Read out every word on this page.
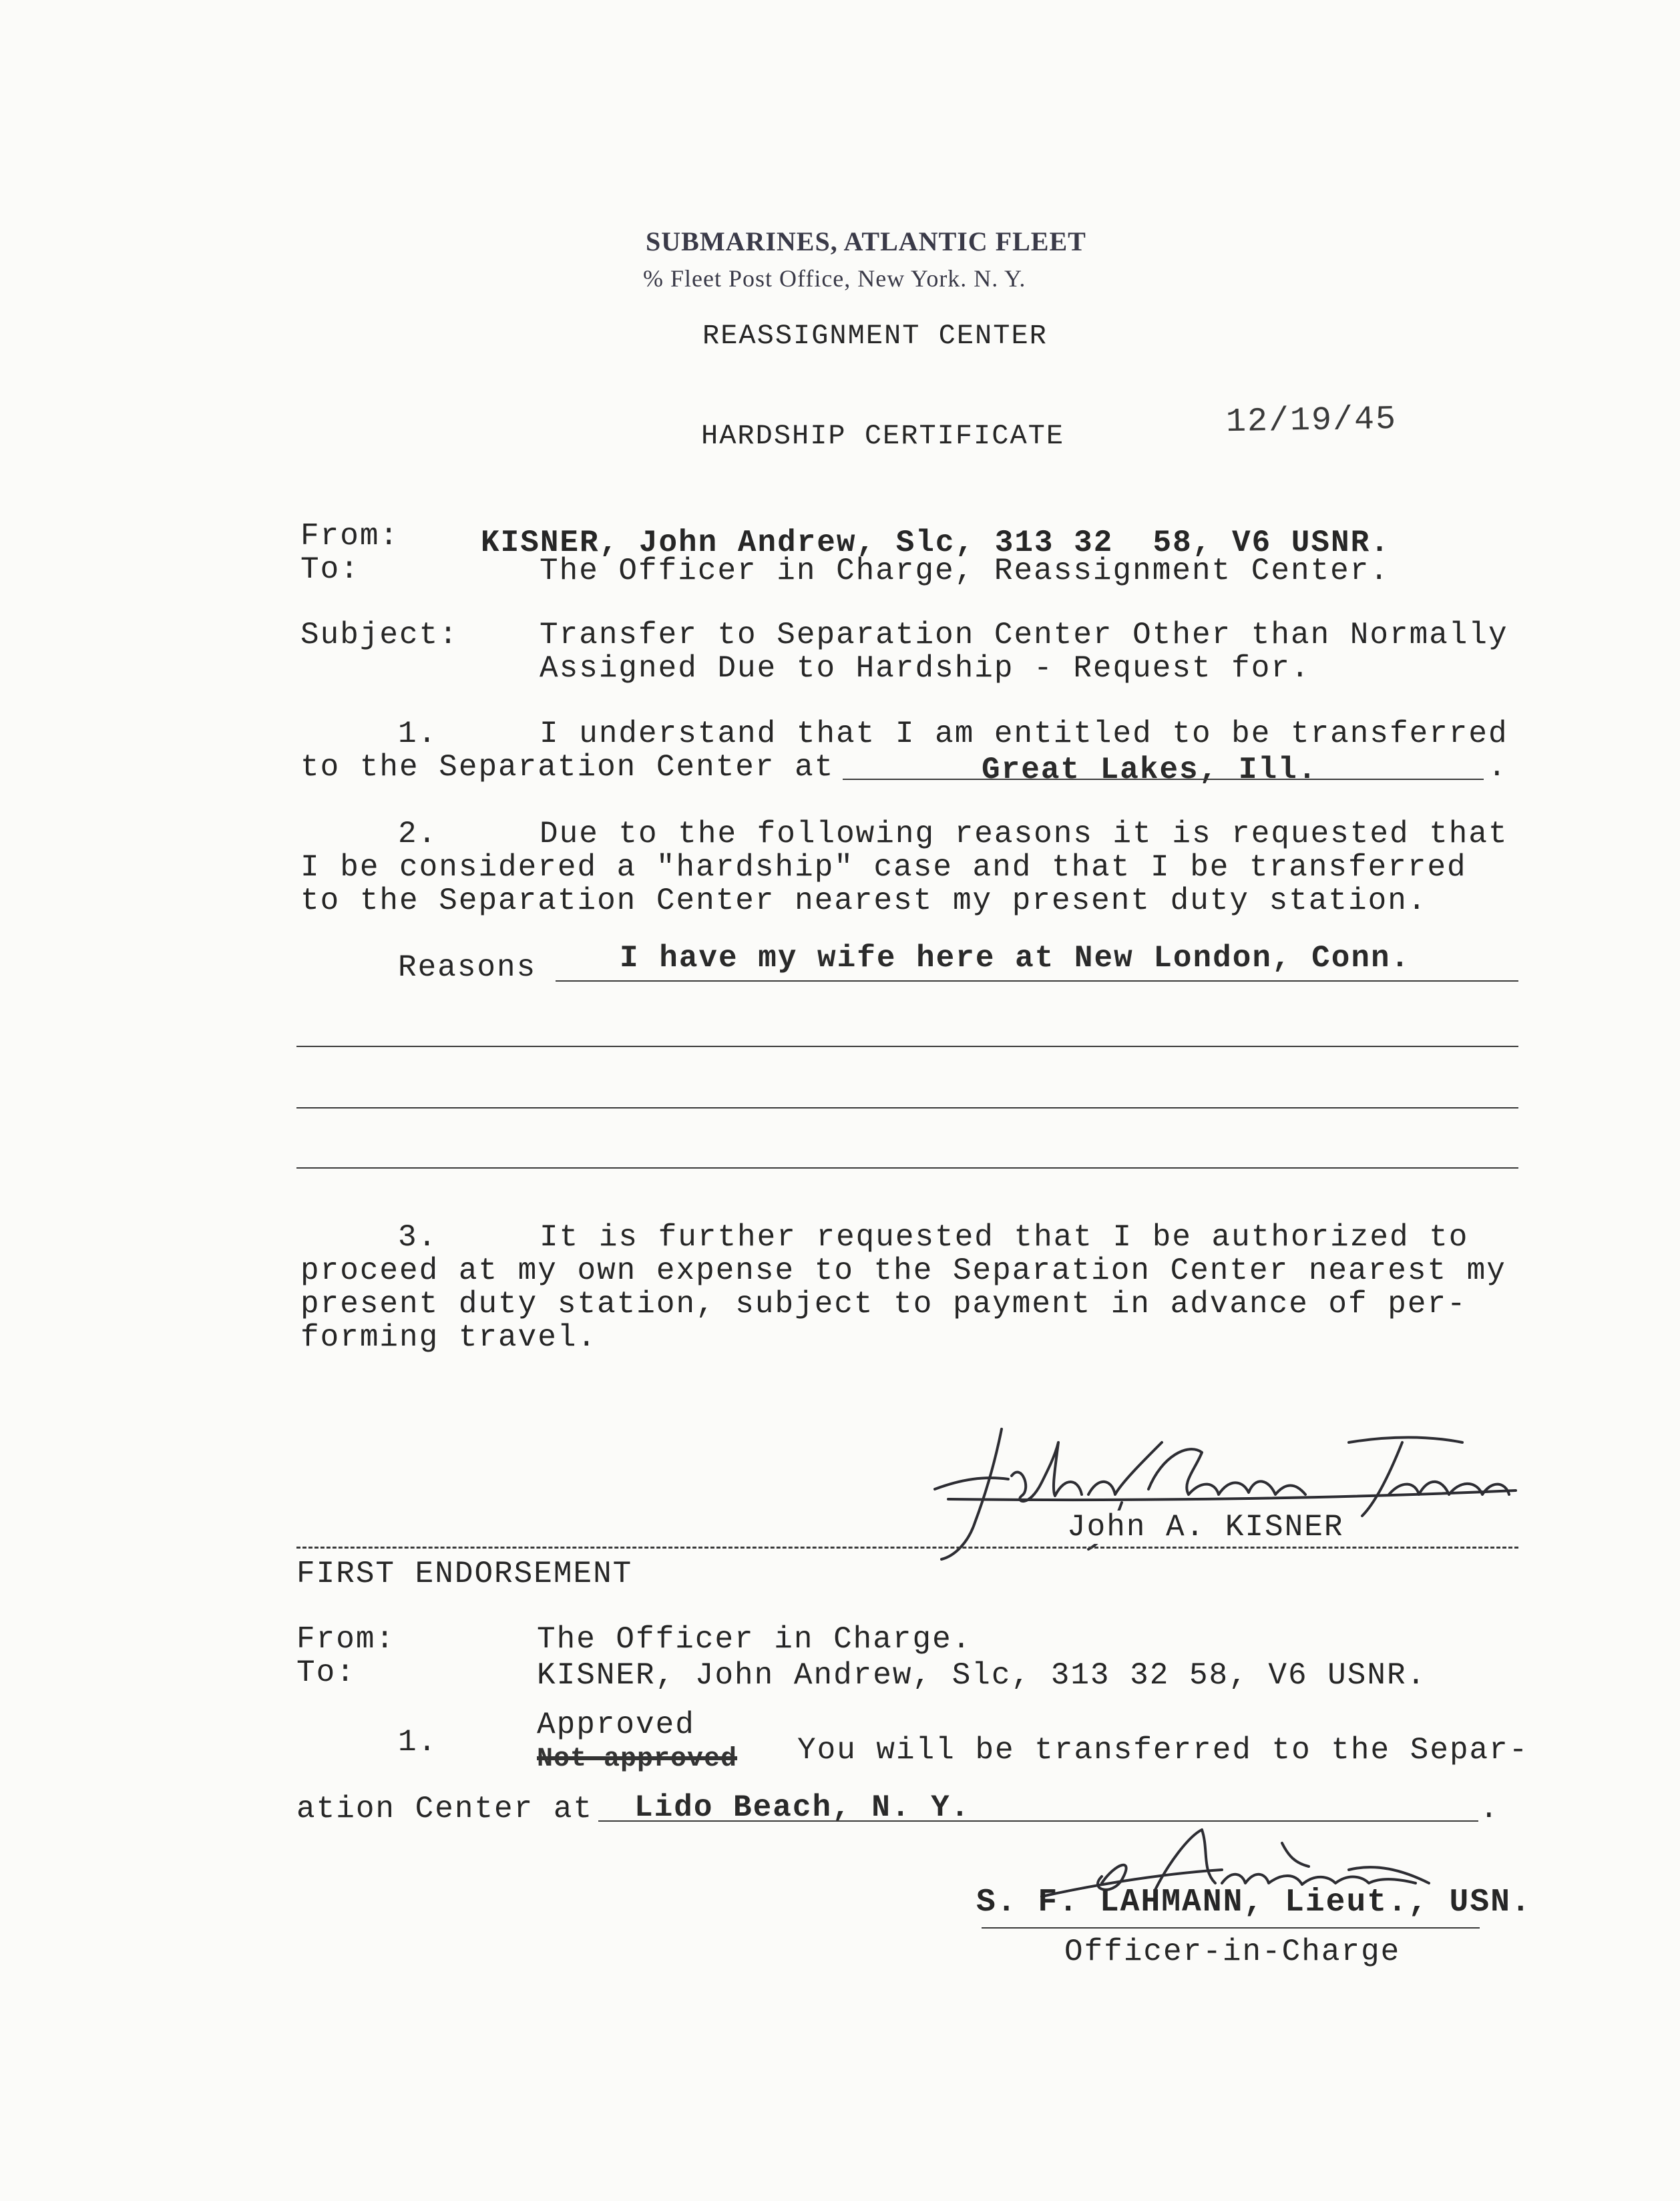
SUBMARINES, ATLANTIC FLEET
% Fleet Post Office, New York. N. Y.
REASSIGNMENT CENTER
HARDSHIP CERTIFICATE	12/19/45
From:	KISNER, John Andrew, Slc, 313 32  58, V6 USNR.
To:	The Officer in Charge, Reassignment Center.
Subject:	Transfer to Separation Center Other than Normally
Assigned Due to Hardship - Request for.
1.	I understand that I am entitled to be transferred
to the Separation Center at	Great Lakes, Ill.	.
2.	Due to the following reasons it is requested that
I be considered a "hardship" case and that I be transferred
to the Separation Center nearest my present duty station.
Reasons	I have my wife here at New London, Conn.
3.	It is further requested that I be authorized to
proceed at my own expense to the Separation Center nearest my
present duty station, subject to payment in advance of per-
forming travel.
John Andrew Kisner
John A. KISNER
FIRST ENDORSEMENT
From:	The Officer in Charge.
To:	KISNER, John Andrew, Slc, 313 32 58, V6 USNR.
1.	Approved
Not approved You will be transferred to the Separ-
ation Center at Lido Beach, N. Y.	.
F. Lahmann
S. F. LAHMANN, Lieut., USN.
Officer-in-Charge
